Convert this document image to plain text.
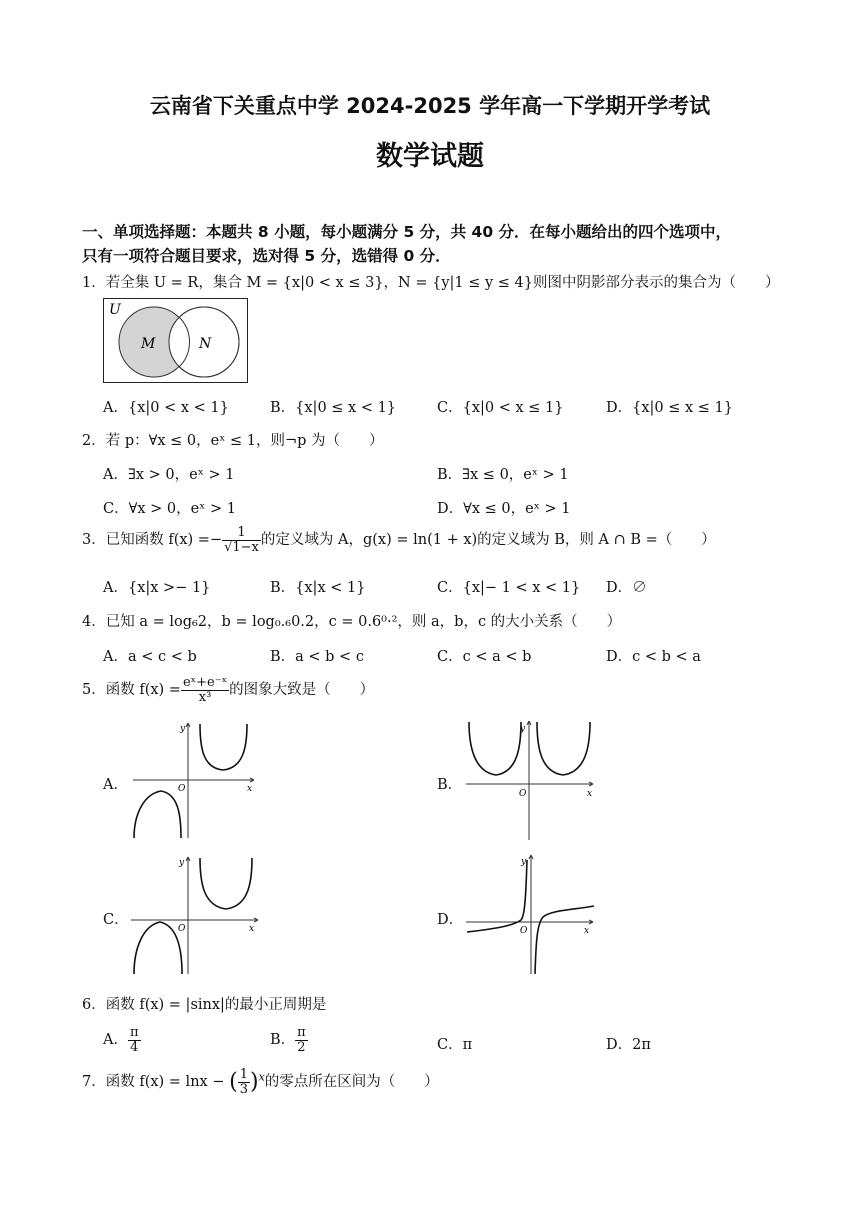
云南省下关重点中学 2024-2025 学年高一下学期开学考试
数学试题
一、单项选择题：本题共 8 小题，每小题满分 5 分，共 40 分．在每小题给出的四个选项中，
只有一项符合题目要求，选对得 5 分，选错得 0 分．
1．若全集 U = R，集合 M = {x|0 < x ≤ 3}，N = {y|1 ≤ y ≤ 4}则图中阴影部分表示的集合为（　　）
U
M	N
A．{x|0 < x < 1}	B．{x|0 ≤ x < 1}	C．{x|0 < x ≤ 1}	D．{x|0 ≤ x ≤ 1}
2．若 p：∀x ≤ 0，eˣ ≤ 1，则¬p 为（　　）
A．∃x > 0，eˣ > 1	B．∃x ≤ 0，eˣ > 1
C．∀x > 0，eˣ > 1	D．∀x ≤ 0，eˣ > 1
3．已知函数 $f(x) =- \frac{1}{√1-x}$ 的定义域为 A，g(x) = ln(1 + x)的定义域为 B，则 A ∩ B =（　　）
A．{x|x >− 1}	B．{x|x < 1}	C．{x|− 1 < x < 1} D．∅
4．已知 a = log₆2，b = log₀.₆0.2，c = 0.6⁰·²，则 a，b，c 的大小关系（　　）
A．a < c < b	B．a < b < c	C．c < a < b	D．c < b < a
5．函数 $f(x) = \frac{\text{eˣ+e⁻ˣ}}{\text{x³}}$ 的图象大致是（　　）
A．	x
y
O	B．
x
y
O
C．
x
y
O
D．
x
y
O
6．函数 f(x) = |sinx|的最小正周期是
A． $\frac{\pi}{4}$	B． $\frac{\pi}{2}$	C．π	D．2π
7．函数 f(x) = lnx − ( $\frac{1}{3} )^x$的零点所在区间为（　　）
